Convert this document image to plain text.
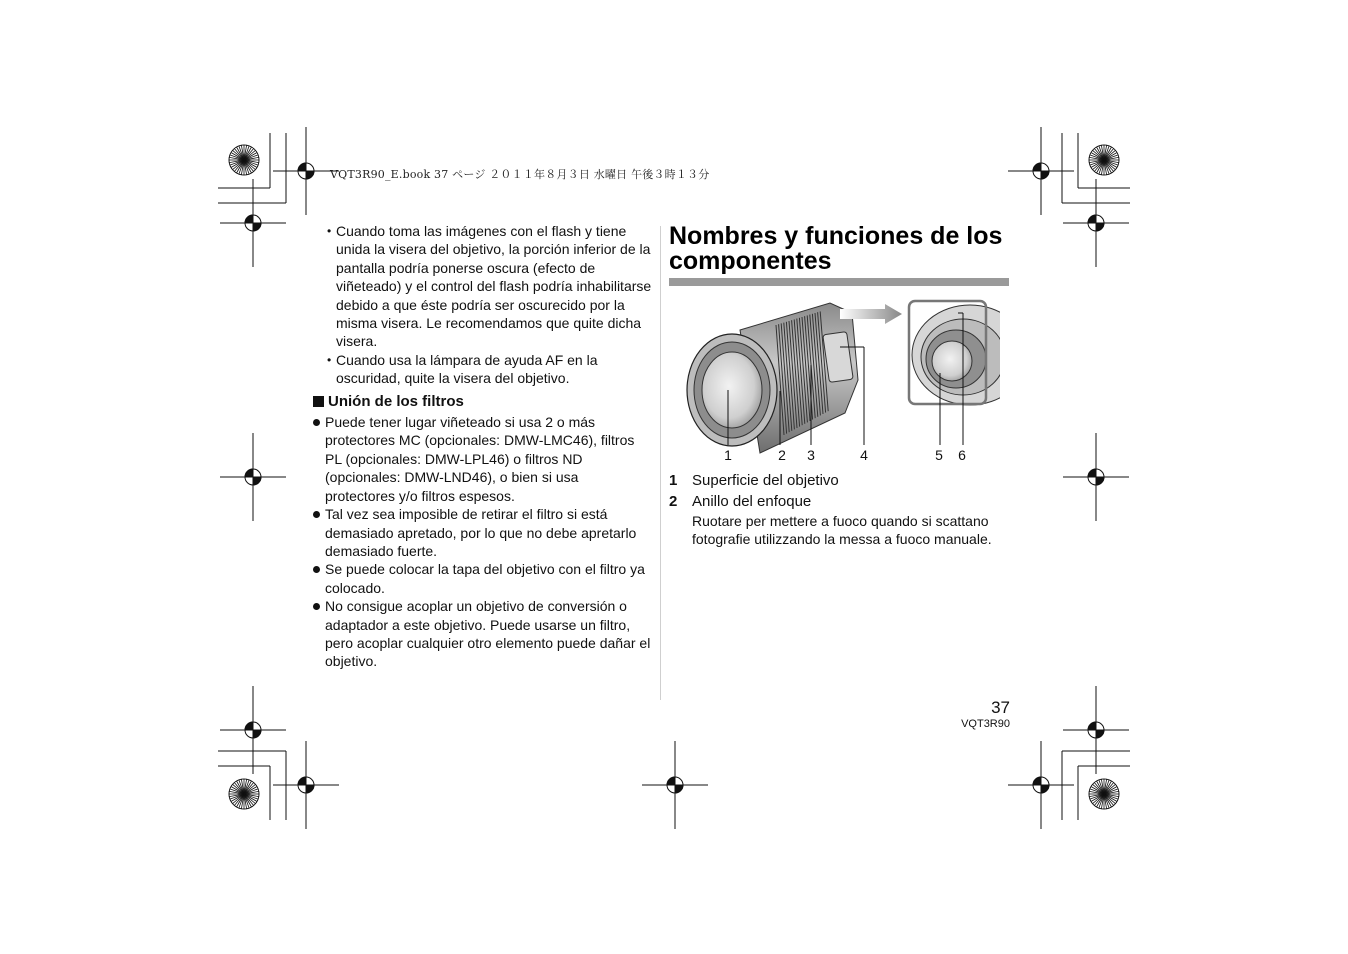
VQT3R90_E.book 37 ページ ２０１１年８月３日 水曜日 午後３時１３分
• Cuando toma las imágenes con el flash y tiene unida la visera del objetivo, la porción inferior de la pantalla podría ponerse oscura (efecto de viñeteado) y el control del flash podría inhabilitarse debido a que éste podría ser oscurecido por la misma visera. Le recomendamos que quite dicha visera.
• Cuando usa la lámpara de ayuda AF en la oscuridad, quite la visera del objetivo.
Unión de los filtros
Puede tener lugar viñeteado si usa 2 o más protectores MC (opcionales: DMW-LMC46), filtros PL (opcionales: DMW-LPL46) o filtros ND (opcionales: DMW-LND46), o bien si usa protectores y/o filtros espesos.
Tal vez sea imposible de retirar el filtro si está demasiado apretado, por lo que no debe apretarlo demasiado fuerte.
Se puede colocar la tapa del objetivo con el filtro ya colocado.
No consigue acoplar un objetivo de conversión o adaptador a este objetivo. Puede usarse un filtro, pero acoplar cualquier otro elemento puede dañar el objetivo.
Nombres y funciones de los componentes
1	2 3	4	5 6
1 Superficie del objetivo
2 Anillo del enfoque
Ruotare per mettere a fuoco quando si scattano fotografie utilizzando la messa a fuoco manuale.
37
VQT3R90
